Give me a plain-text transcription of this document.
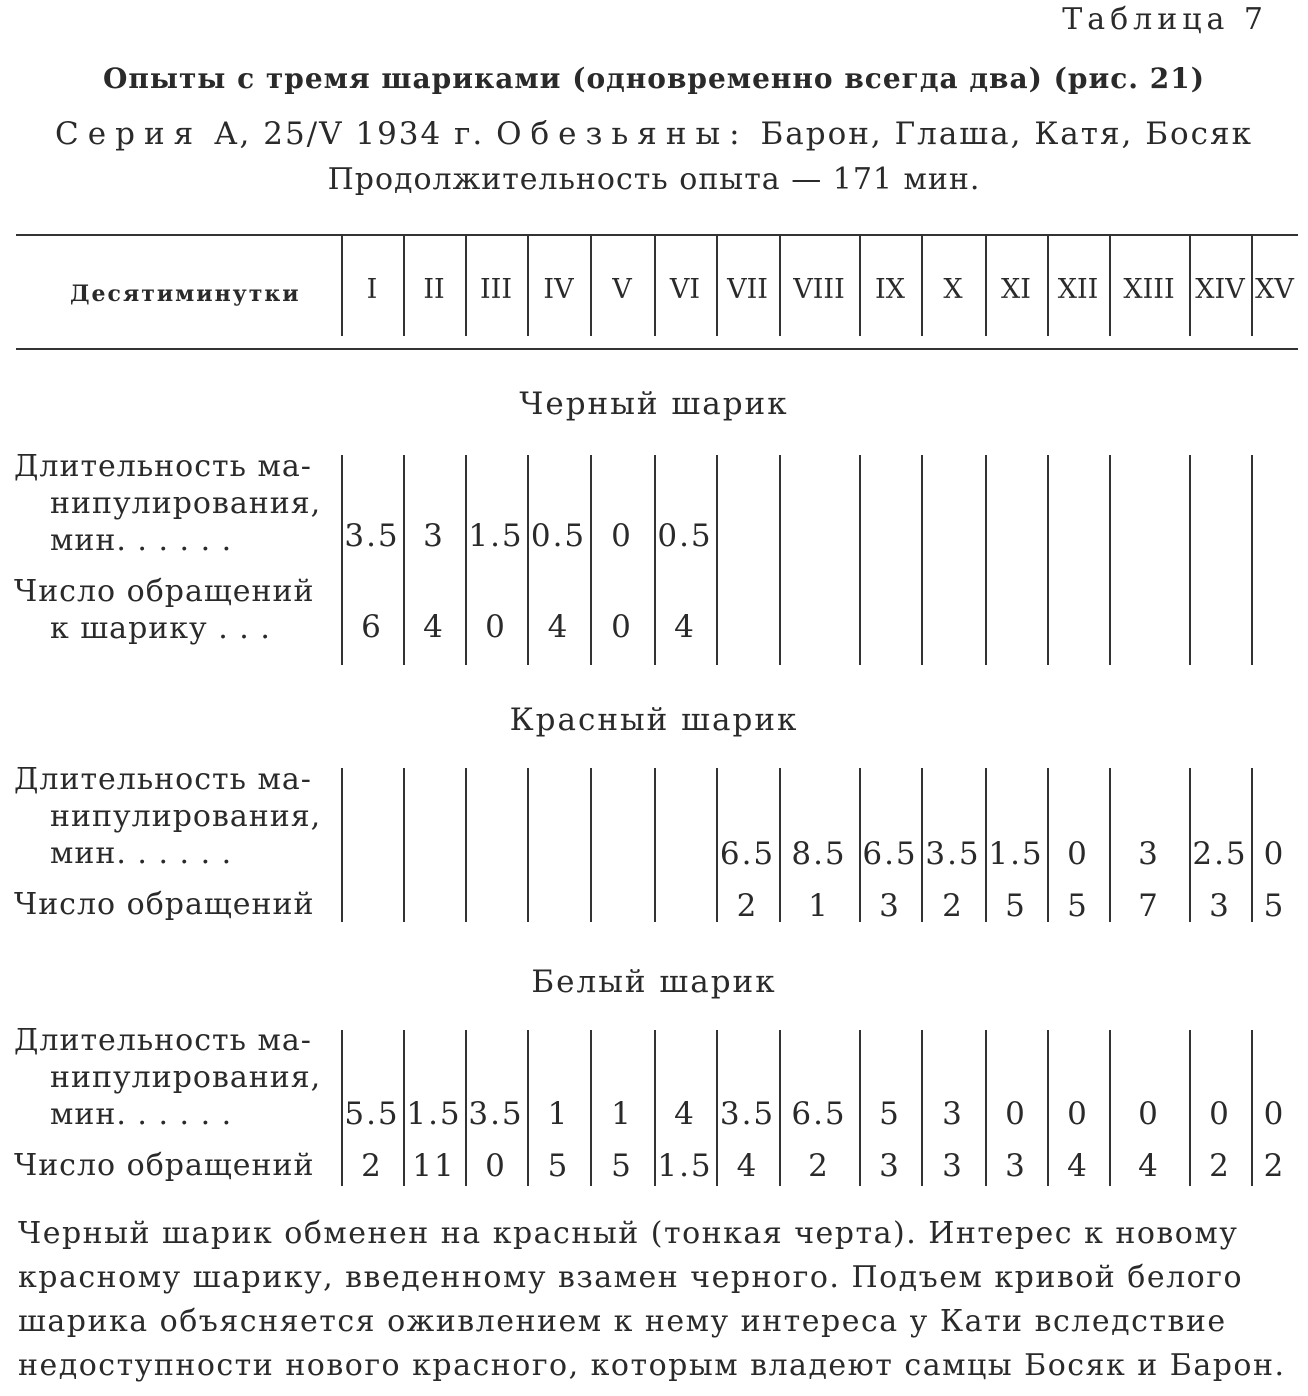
Таблица 7
Опыты с тремя шариками (одновременно всегда два) (рис. 21)
Серия А, 25/V 1934 г. Обезьяны: Барон, Глаша, Катя, Босяк
Продолжительность опыта — 171 мин.
Десятиминутки I II III IV V VI VII VIII IX X XI XII XIII XIV XV
3.5 3 1.5 0.5 0 0.5
6 4 0 4 0 4
6.5 8.5 6.5 3.5 1.5 0 3 2.5 0
2 1 3 2 5 5 7 3 5
5.5 1.5 3.5 1 1 4 3.5 6.5 5 3 0 0 0 0 0
2 11 0 5 5 1.5 4 2 3 3 3 4 4 2 2
Черный шарик
Красный шарик
Белый шарик
Длительность ма-
нипулирования,
мин. . . . . .
Число обращений
к шарику . . .
Длительность ма-
нипулирования,
мин. . . . . .
Число обращений
Длительность ма-
нипулирования,
мин. . . . . .
Число обращений
Черный шарик обменен на красный (тонкая черта). Интерес к новому красному шарику, введенному взамен черного. Подъем кривой белого шарика объясняется оживлением к нему интереса у Кати вследствие недоступности нового красного, которым владеют самцы Босяк и Барон.
